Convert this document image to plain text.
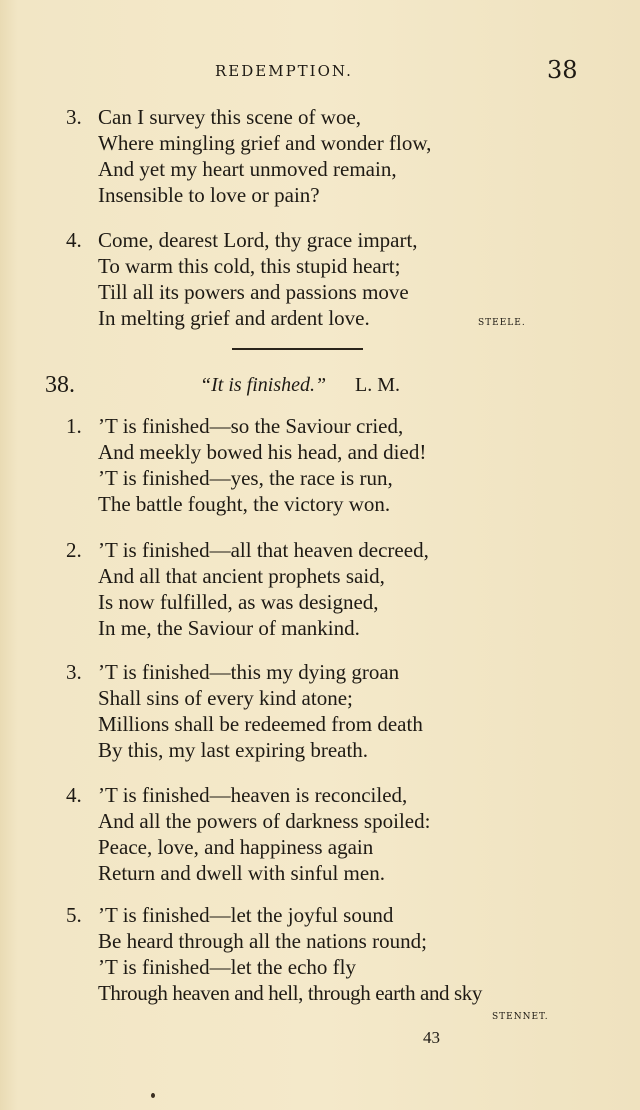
REDEMPTION.	38
3. Can I survey this scene of woe,
Where mingling grief and wonder flow,
And yet my heart unmoved remain,
Insensible to love or pain?
4. Come, dearest Lord, thy grace impart,
To warm this cold, this stupid heart;
Till all its powers and passions move
In melting grief and ardent love.	STEELE.
38.	“It is finished.” L. M.
1. ’T is finished—so the Saviour cried,
And meekly bowed his head, and died!
’T is finished—yes, the race is run,
The battle fought, the victory won.
2. ’T is finished—all that heaven decreed,
And all that ancient prophets said,
Is now fulfilled, as was designed,
In me, the Saviour of mankind.
3. ’T is finished—this my dying groan
Shall sins of every kind atone;
Millions shall be redeemed from death
By this, my last expiring breath.
4. ’T is finished—heaven is reconciled,
And all the powers of darkness spoiled:
Peace, love, and happiness again
Return and dwell with sinful men.
5. ’T is finished—let the joyful sound
Be heard through all the nations round;
’T is finished—let the echo fly
Through heaven and hell, through earth and sky
STENNET.
43
